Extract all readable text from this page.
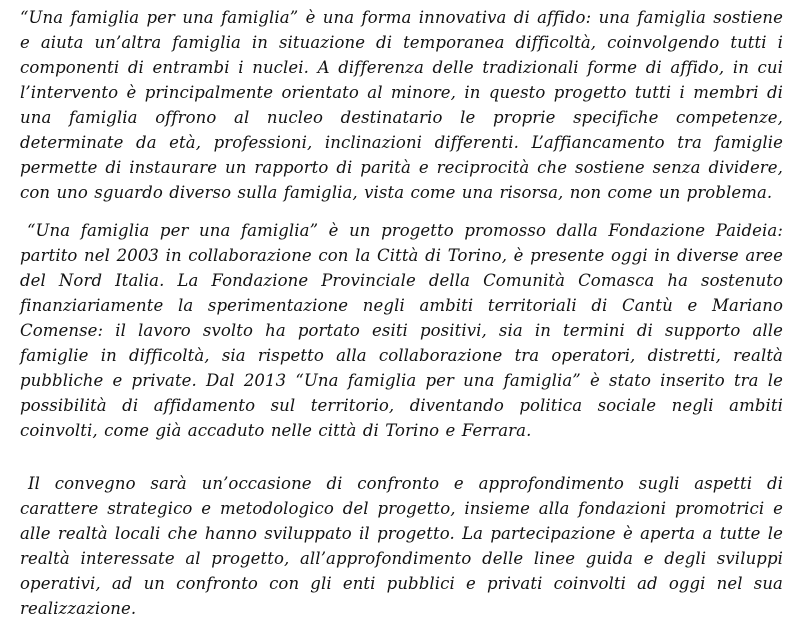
“Una famiglia per una famiglia” è una forma innovativa di affido: una famiglia sostiene e aiuta un’altra famiglia in situazione di temporanea difficoltà, coinvolgendo tutti i componenti di entrambi i nuclei. A differenza delle tradizionali forme di affido, in cui l’intervento è principalmente orientato al minore, in questo progetto tutti i membri di una famiglia offrono al nucleo destinatario le proprie specifiche competenze, determinate da età, professioni, inclinazioni differenti. L’affiancamento tra famiglie permette di instaurare un rapporto di parità e reciprocità che sostiene senza dividere, con uno sguardo diverso sulla famiglia, vista come una risorsa, non come un problema.

“Una famiglia per una famiglia” è un progetto promosso dalla Fondazione Paideia: partito nel 2003 in collaborazione con la Città di Torino, è presente oggi in diverse aree del Nord Italia. La Fondazione Provinciale della Comunità Comasca ha sostenuto finanziariamente la sperimentazione negli ambiti territoriali di Cantù e Mariano Comense: il lavoro svolto ha portato esiti positivi, sia in termini di supporto alle famiglie in difficoltà, sia rispetto alla collaborazione tra operatori, distretti, realtà pubbliche e private. Dal 2013 “Una famiglia per una famiglia” è stato inserito tra le possibilità di affidamento sul territorio, diventando politica sociale negli ambiti coinvolti, come già accaduto nelle città di Torino e Ferrara.

Il convegno sarà un’occasione di confronto e approfondimento sugli aspetti di carattere strategico e metodologico del progetto, insieme alla fondazioni promotrici e alle realtà locali che hanno sviluppato il progetto. La partecipazione è aperta a tutte le realtà interessate al progetto, all’approfondimento delle linee guida e degli sviluppi operativi, ad un confronto con gli enti pubblici e privati coinvolti ad oggi nel sua realizzazione.
